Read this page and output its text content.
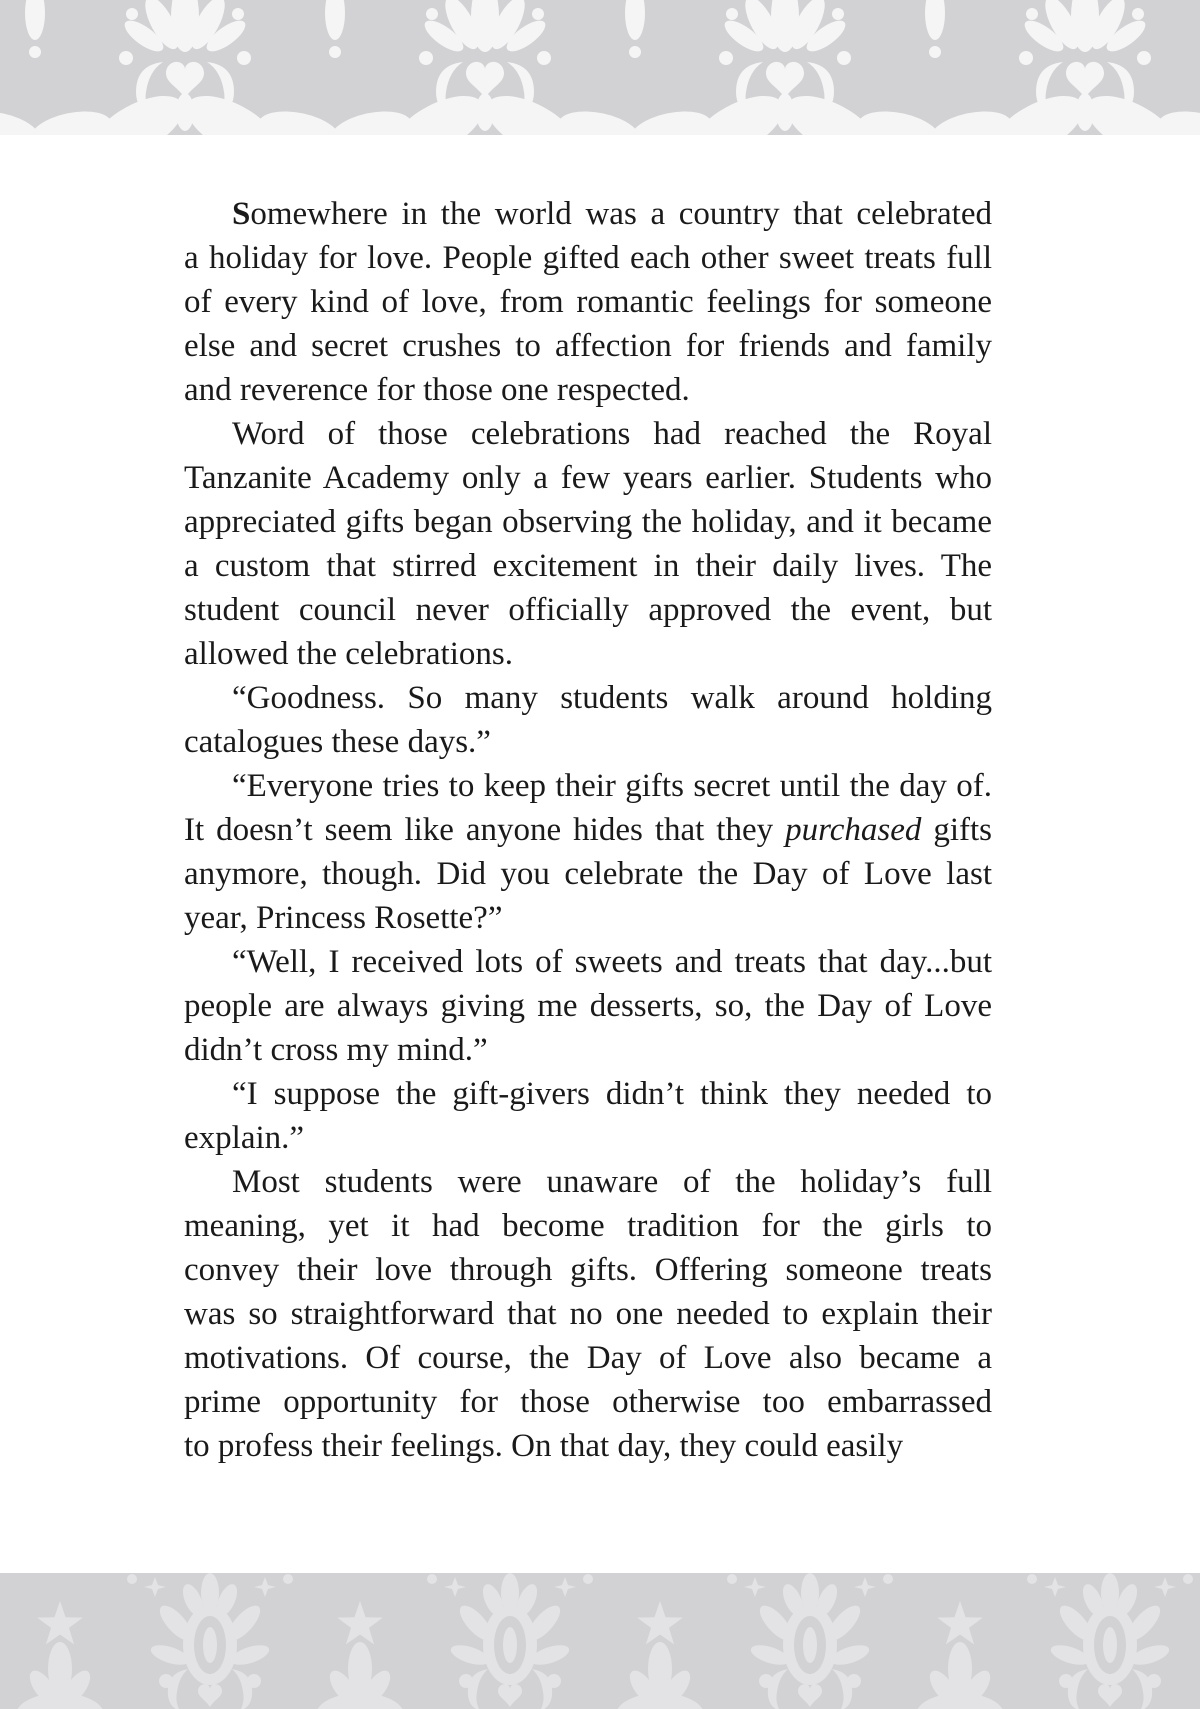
Somewhere in the world was a country that celebrated
a holiday for love. People gifted each other sweet treats full
of every kind of love, from romantic feelings for someone
else and secret crushes to affection for friends and family
and reverence for those one respected.
Word of those celebrations had reached the Royal
Tanzanite Academy only a few years earlier. Students who
appreciated gifts began observing the holiday, and it became
a custom that stirred excitement in their daily lives. The
student council never officially approved the event, but
allowed the celebrations.
“Goodness. So many students walk around holding
catalogues these days.”
“Everyone tries to keep their gifts secret until the day of.
It doesn’t seem like anyone hides that they purchased gifts
anymore, though. Did you celebrate the Day of Love last
year, Princess Rosette?”
“Well, I received lots of sweets and treats that day...but
people are always giving me desserts, so, the Day of Love
didn’t cross my mind.”
“I suppose the gift-givers didn’t think they needed to
explain.”
Most students were unaware of the holiday’s full
meaning, yet it had become tradition for the girls to
convey their love through gifts. Offering someone treats
was so straightforward that no one needed to explain their
motivations. Of course, the Day of Love also became a
prime opportunity for those otherwise too embarrassed
to profess their feelings. On that day, they could easily
